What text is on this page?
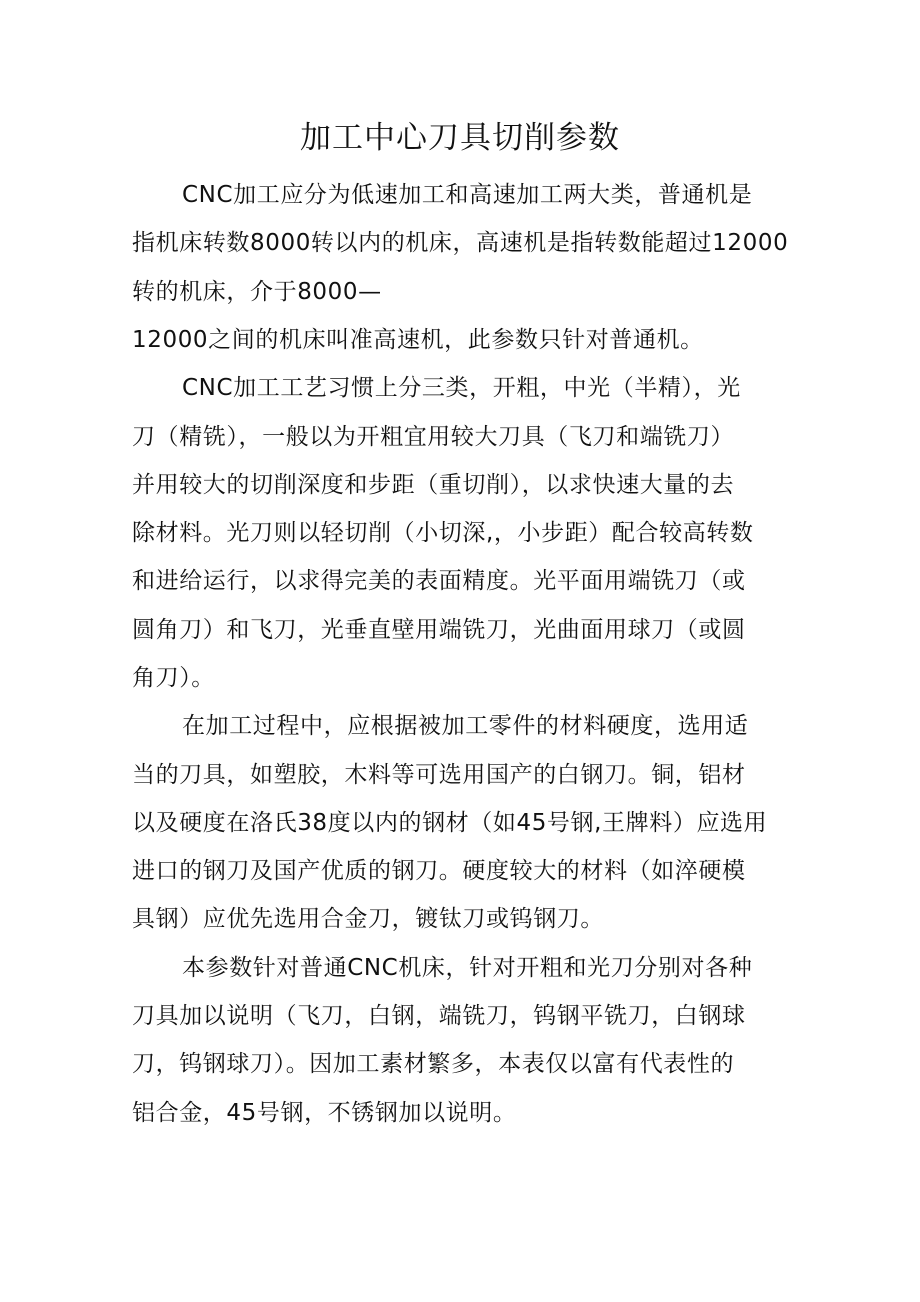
加工中心刀具切削参数
CNC加工应分为低速加工和高速加工两大类，普通机是
指机床转数8000转以内的机床，高速机是指转数能超过12000
转的机床，介于8000—
12000之间的机床叫准高速机，此参数只针对普通机。
CNC加工工艺习惯上分三类，开粗，中光（半精），光
刀（精铣），一般以为开粗宜用较大刀具（飞刀和端铣刀）
并用较大的切削深度和步距（重切削），以求快速大量的去
除材料。光刀则以轻切削（小切深,，小步距）配合较高转数
和进给运行，以求得完美的表面精度。光平面用端铣刀（或
圆角刀）和飞刀，光垂直壁用端铣刀，光曲面用球刀（或圆
角刀）。
在加工过程中，应根据被加工零件的材料硬度，选用适
当的刀具，如塑胶，木料等可选用国产的白钢刀。铜，铝材
以及硬度在洛氏38度以内的钢材（如45号钢,王牌料）应选用
进口的钢刀及国产优质的钢刀。硬度较大的材料（如淬硬模
具钢）应优先选用合金刀，镀钛刀或钨钢刀。
本参数针对普通CNC机床，针对开粗和光刀分别对各种
刀具加以说明（飞刀，白钢，端铣刀，钨钢平铣刀，白钢球
刀，钨钢球刀）。因加工素材繁多，本表仅以富有代表性的
铝合金，45号钢，不锈钢加以说明。
